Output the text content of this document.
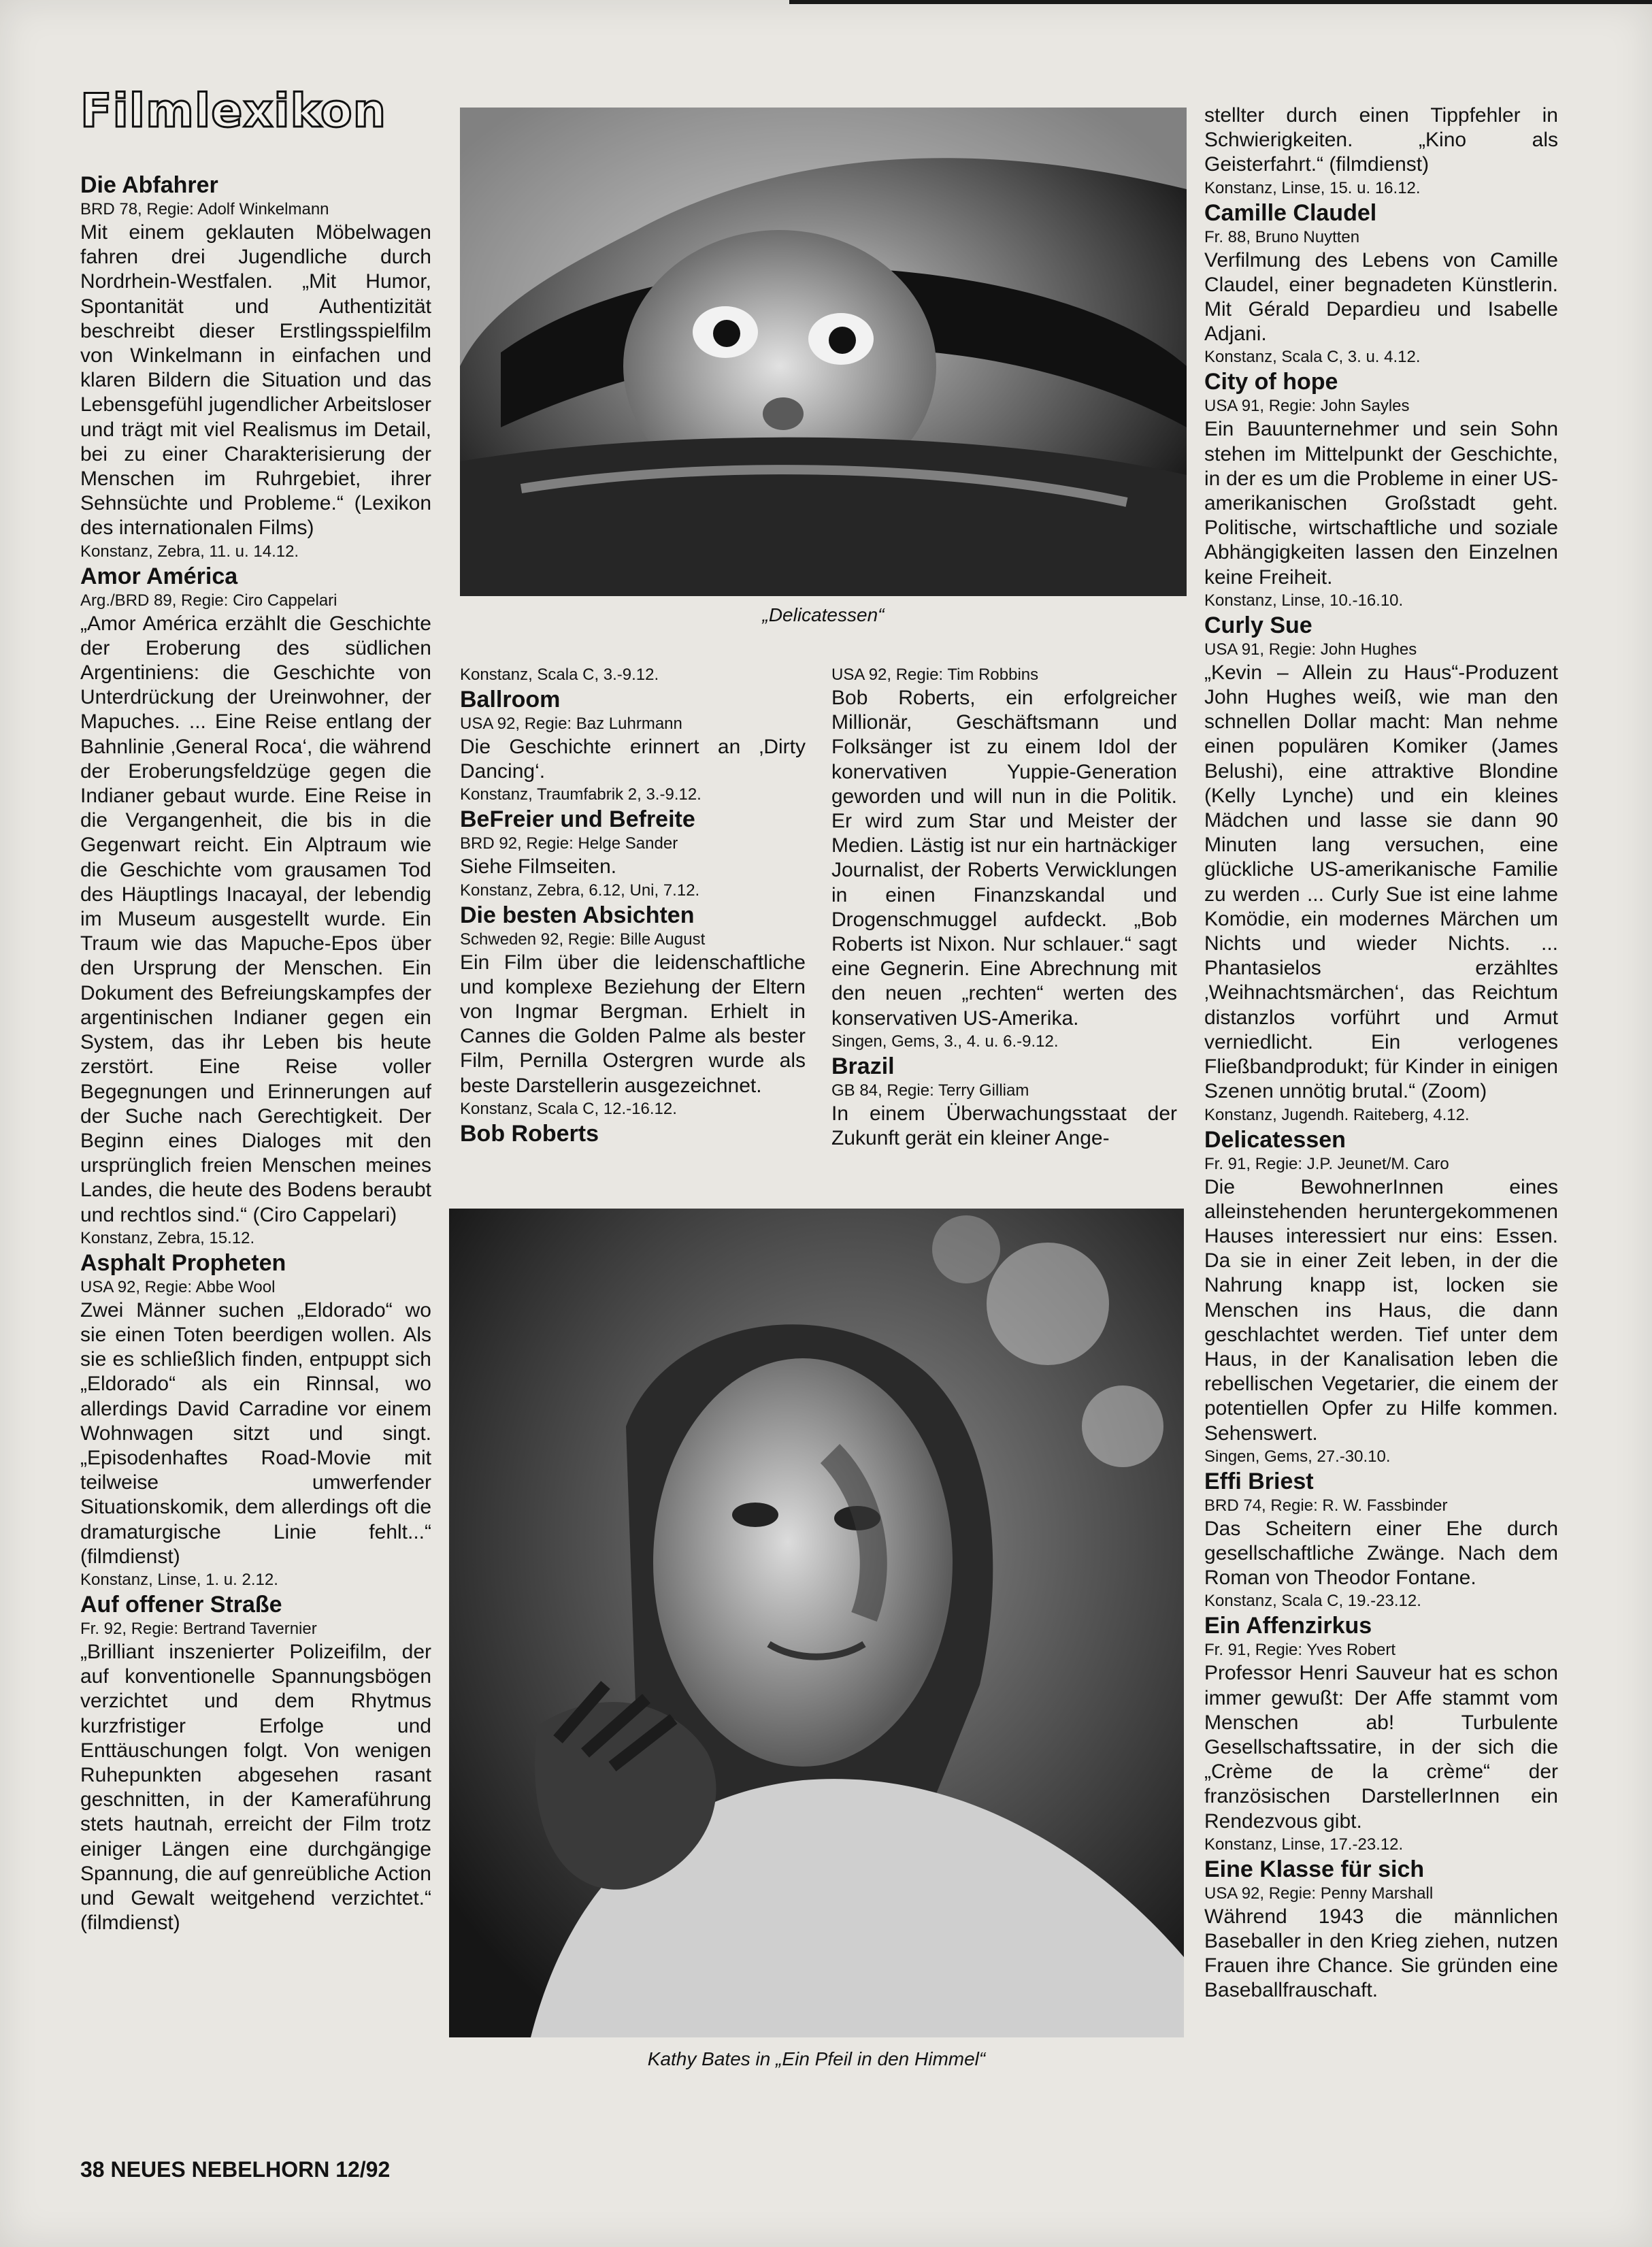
Filmlexikon

„Delicatessen“

Kathy Bates in „Ein Pfeil in den Himmel“

Die Abfahrer

BRD 78, Regie: Adolf Winkelmann

Mit einem geklauten Möbelwagen fahren drei Jugendliche durch Nordrhein-Westfalen. „Mit Humor, Spontanität und Authentizität beschreibt dieser Erstlingsspielfilm von Winkelmann in einfachen und klaren Bildern die Situation und das Lebensgefühl jugendlicher Arbeitsloser und trägt mit viel Realismus im Detail, bei zu einer Charakterisierung der Menschen im Ruhrgebiet, ihrer Sehnsüchte und Probleme.“ (Lexikon des internationalen Films)

Konstanz, Zebra, 11. u. 14.12.

Amor América

Arg./BRD 89, Regie: Ciro Cappelari

„Amor América erzählt die Geschichte der Eroberung des südlichen Argentiniens: die Geschichte von Unterdrückung der Ureinwohner, der Mapuches. ... Eine Reise entlang der Bahnlinie ‚General Roca‘, die während der Eroberungsfeldzüge gegen die Indianer gebaut wurde. Eine Reise in die Vergangenheit, die bis in die Gegenwart reicht. Ein Alptraum wie die Geschichte vom grausamen Tod des Häuptlings Inacayal, der lebendig im Museum ausgestellt wurde. Ein Traum wie das Mapuche-Epos über den Ursprung der Menschen. Ein Dokument des Befreiungskampfes der argentinischen Indianer gegen ein System, das ihr Leben bis heute zerstört. Eine Reise voller Begegnungen und Erinnerungen auf der Suche nach Gerechtigkeit. Der Beginn eines Dialoges mit den ursprünglich freien Menschen meines Landes, die heute des Bodens beraubt und rechtlos sind.“ (Ciro Cappelari)

Konstanz, Zebra, 15.12.

Asphalt Propheten

USA 92, Regie: Abbe Wool

Zwei Männer suchen „Eldorado“ wo sie einen Toten beerdigen wollen. Als sie es schließlich finden, entpuppt sich „Eldorado“ als ein Rinnsal, wo allerdings David Carradine vor einem Wohnwagen sitzt und singt. „Episodenhaftes Road-Movie mit teilweise umwerfender Situationskomik, dem allerdings oft die dramaturgische Linie fehlt...“ (filmdienst)

Konstanz, Linse, 1. u. 2.12.

Auf offener Straße

Fr. 92, Regie: Bertrand Tavernier

„Brilliant inszenierter Polizeifilm, der auf konventionelle Spannungsbögen verzichtet und dem Rhytmus kurzfristiger Erfolge und Enttäuschungen folgt. Von wenigen Ruhepunkten abgesehen rasant geschnitten, in der Kameraführung stets hautnah, erreicht der Film trotz einiger Längen eine durchgängige Spannung, die auf genreübliche Action und Gewalt weitgehend verzichtet.“ (filmdienst)

Konstanz, Scala C, 3.-9.12.

Ballroom

USA 92, Regie: Baz Luhrmann

Die Geschichte erinnert an ‚Dirty Dancing‘.

Konstanz, Traumfabrik 2, 3.-9.12.

BeFreier und Befreite

BRD 92, Regie: Helge Sander

Siehe Filmseiten.

Konstanz, Zebra, 6.12, Uni, 7.12.

Die besten Absichten

Schweden 92, Regie: Bille August

Ein Film über die leidenschaftliche und komplexe Beziehung der Eltern von Ingmar Bergman. Erhielt in Cannes die Golden Palme als bester Film, Pernilla Ostergren wurde als beste Darstellerin ausgezeichnet.

Konstanz, Scala C, 12.-16.12.

Bob Roberts

USA 92, Regie: Tim Robbins

Bob Roberts, ein erfolgreicher Millionär, Geschäftsmann und Folksänger ist zu einem Idol der konervativen Yuppie-Generation geworden und will nun in die Politik. Er wird zum Star und Meister der Medien. Lästig ist nur ein hartnäckiger Journalist, der Roberts Verwicklungen in einen Finanzskandal und Drogenschmuggel aufdeckt. „Bob Roberts ist Nixon. Nur schlauer.“ sagt eine Gegnerin. Eine Abrechnung mit den neuen „rechten“ werten des konservativen US-Amerika.

Singen, Gems, 3., 4. u. 6.-9.12.

Brazil

GB 84, Regie: Terry Gilliam

In einem Überwachungsstaat der Zukunft gerät ein kleiner Ange-

stellter durch einen Tippfehler in Schwierigkeiten. „Kino als Geisterfahrt.“ (filmdienst)

Konstanz, Linse, 15. u. 16.12.

Camille Claudel

Fr. 88, Bruno Nuytten

Verfilmung des Lebens von Camille Claudel, einer begnadeten Künstlerin. Mit Gérald Depardieu und Isabelle Adjani.

Konstanz, Scala C, 3. u. 4.12.

City of hope

USA 91, Regie: John Sayles

Ein Bauunternehmer und sein Sohn stehen im Mittelpunkt der Geschichte, in der es um die Probleme in einer US-amerikanischen Großstadt geht. Politische, wirtschaftliche und soziale Abhängigkeiten lassen den Einzelnen keine Freiheit.

Konstanz, Linse, 10.-16.10.

Curly Sue

USA 91, Regie: John Hughes

„Kevin – Allein zu Haus“-Produzent John Hughes weiß, wie man den schnellen Dollar macht: Man nehme einen populären Komiker (James Belushi), eine attraktive Blondine (Kelly Lynche) und ein kleines Mädchen und lasse sie dann 90 Minuten lang versuchen, eine glückliche US-amerikanische Familie zu werden ... Curly Sue ist eine lahme Komödie, ein modernes Märchen um Nichts und wieder Nichts. ... Phantasielos erzähltes ‚Weihnachtsmärchen‘, das Reichtum distanzlos vorführt und Armut verniedlicht. Ein verlogenes Fließbandprodukt; für Kinder in einigen Szenen unnötig brutal.“ (Zoom)

Konstanz, Jugendh. Raiteberg, 4.12.

Delicatessen

Fr. 91, Regie: J.P. Jeunet/M. Caro

Die BewohnerInnen eines alleinstehenden heruntergekommenen Hauses interessiert nur eins: Essen. Da sie in einer Zeit leben, in der die Nahrung knapp ist, locken sie Menschen ins Haus, die dann geschlachtet werden. Tief unter dem Haus, in der Kanalisation leben die rebellischen Vegetarier, die einem der potentiellen Opfer zu Hilfe kommen. Sehenswert.

Singen, Gems, 27.-30.10.

Effi Briest

BRD 74, Regie: R. W. Fassbinder

Das Scheitern einer Ehe durch gesellschaftliche Zwänge. Nach dem Roman von Theodor Fontane.

Konstanz, Scala C, 19.-23.12.

Ein Affenzirkus

Fr. 91, Regie: Yves Robert

Professor Henri Sauveur hat es schon immer gewußt: Der Affe stammt vom Menschen ab! Turbulente Gesellschaftssatire, in der sich die „Crème de la crème“ der französischen DarstellerInnen ein Rendezvous gibt.

Konstanz, Linse, 17.-23.12.

Eine Klasse für sich

USA 92, Regie: Penny Marshall

Während 1943 die männlichen Baseballer in den Krieg ziehen, nutzen Frauen ihre Chance. Sie gründen eine Baseballfrauschaft.

38 NEUES NEBELHORN 12/92
